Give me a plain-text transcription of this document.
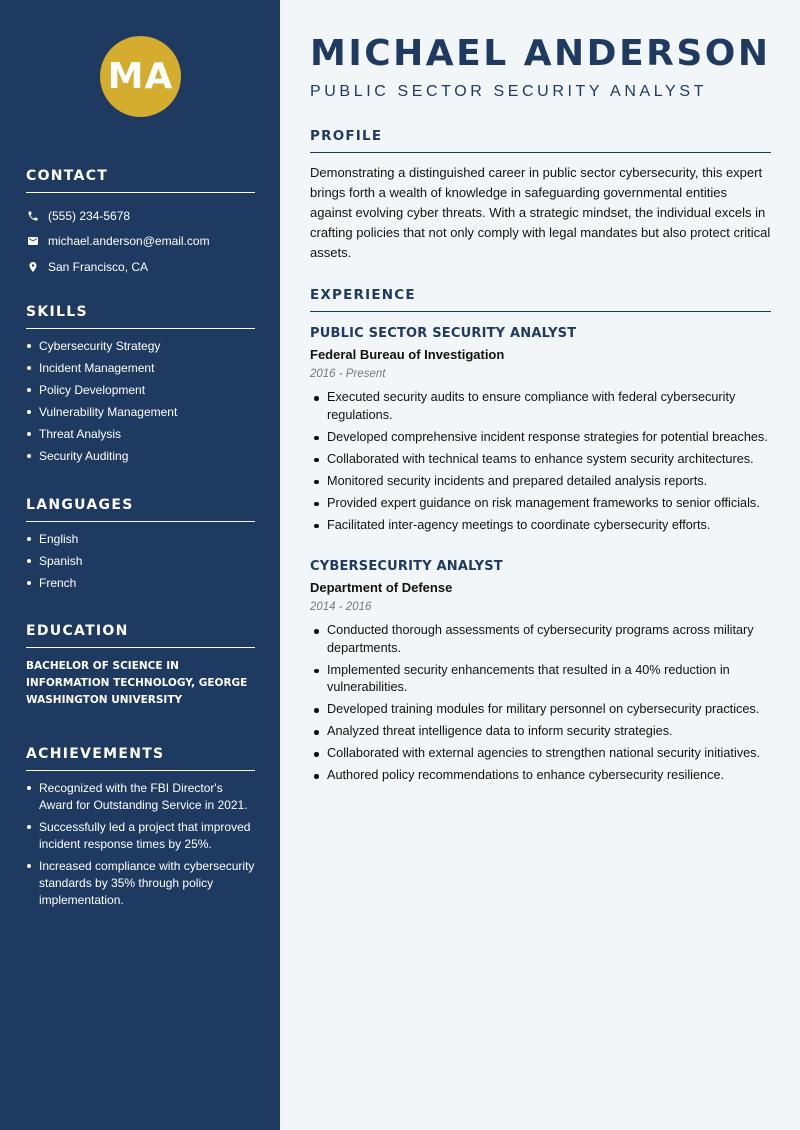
MA
CONTACT
(555) 234-5678
michael.anderson@email.com
San Francisco, CA
SKILLS
Cybersecurity Strategy
Incident Management
Policy Development
Vulnerability Management
Threat Analysis
Security Auditing
LANGUAGES
English
Spanish
French
EDUCATION
BACHELOR OF SCIENCE IN INFORMATION TECHNOLOGY, GEORGE WASHINGTON UNIVERSITY
ACHIEVEMENTS
Recognized with the FBI Director's Award for Outstanding Service in 2021.
Successfully led a project that improved incident response times by 25%.
Increased compliance with cybersecurity standards by 35% through policy implementation.
MICHAEL ANDERSON
PUBLIC SECTOR SECURITY ANALYST
PROFILE
Demonstrating a distinguished career in public sector cybersecurity, this expert brings forth a wealth of knowledge in safeguarding governmental entities against evolving cyber threats. With a strategic mindset, the individual excels in crafting policies that not only comply with legal mandates but also protect critical assets.
EXPERIENCE
PUBLIC SECTOR SECURITY ANALYST
Federal Bureau of Investigation
2016 - Present
Executed security audits to ensure compliance with federal cybersecurity regulations.
Developed comprehensive incident response strategies for potential breaches.
Collaborated with technical teams to enhance system security architectures.
Monitored security incidents and prepared detailed analysis reports.
Provided expert guidance on risk management frameworks to senior officials.
Facilitated inter-agency meetings to coordinate cybersecurity efforts.
CYBERSECURITY ANALYST
Department of Defense
2014 - 2016
Conducted thorough assessments of cybersecurity programs across military departments.
Implemented security enhancements that resulted in a 40% reduction in vulnerabilities.
Developed training modules for military personnel on cybersecurity practices.
Analyzed threat intelligence data to inform security strategies.
Collaborated with external agencies to strengthen national security initiatives.
Authored policy recommendations to enhance cybersecurity resilience.
